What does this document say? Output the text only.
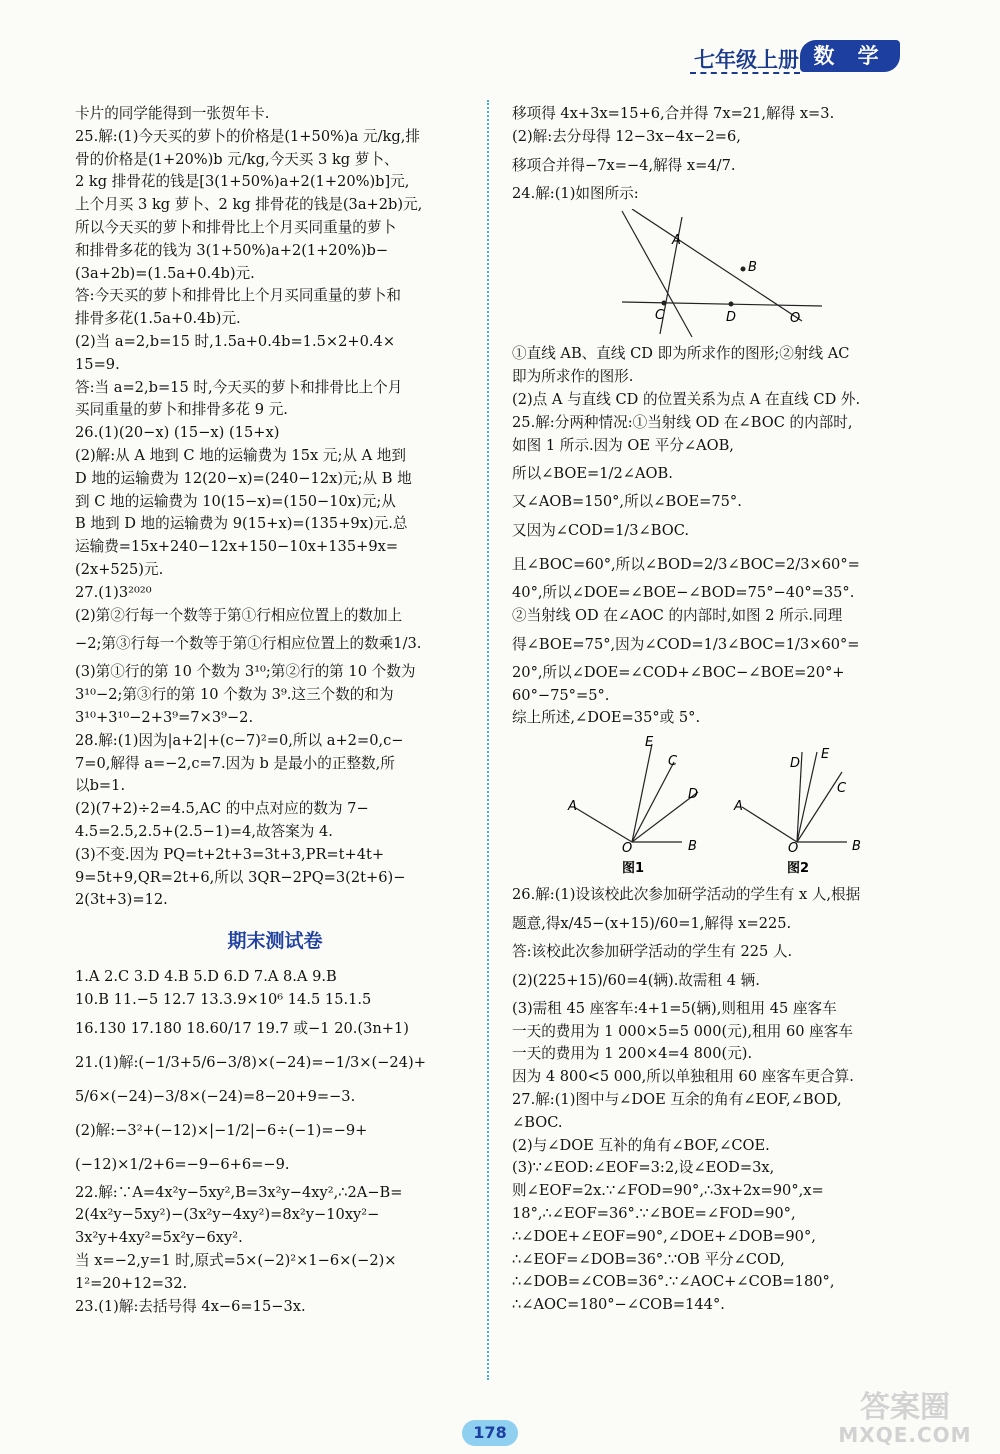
七年级上册 数 学

卡片的同学能得到一张贺年卡.

25.解:(1)今天买的萝卜的价格是(1+50%)a 元/kg,排

骨的价格是(1+20%)b 元/kg,今天买 3 kg 萝卜、

2 kg 排骨花的钱是[3(1+50%)a+2(1+20%)b]元,

上个月买 3 kg 萝卜、2 kg 排骨花的钱是(3a+2b)元,

所以今天买的萝卜和排骨比上个月买同重量的萝卜

和排骨多花的钱为 3(1+50%)a+2(1+20%)b−

(3a+2b)=(1.5a+0.4b)元.

答:今天买的萝卜和排骨比上个月买同重量的萝卜和

排骨多花(1.5a+0.4b)元.

(2)当 a=2,b=15 时,1.5a+0.4b=1.5×2+0.4×

15=9.

答:当 a=2,b=15 时,今天买的萝卜和排骨比上个月

买同重量的萝卜和排骨多花 9 元.

26.(1)(20−x) (15−x) (15+x)

(2)解:从 A 地到 C 地的运输费为 15x 元;从 A 地到

D 地的运输费为 12(20−x)=(240−12x)元;从 B 地

到 C 地的运输费为 10(15−x)=(150−10x)元;从

B 地到 D 地的运输费为 9(15+x)=(135+9x)元.总

运输费=15x+240−12x+150−10x+135+9x=

(2x+525)元.

27.(1)3²⁰²⁰

(2)第②行每一个数等于第①行相应位置上的数加上

−2;第③行每一个数等于第①行相应位置上的数乘1/3.

(3)第①行的第 10 个数为 3¹⁰;第②行的第 10 个数为

3¹⁰−2;第③行的第 10 个数为 3⁹.这三个数的和为

3¹⁰+3¹⁰−2+3⁹=7×3⁹−2.

28.解:(1)因为|a+2|+(c−7)²=0,所以 a+2=0,c−

7=0,解得 a=−2,c=7.因为 b 是最小的正整数,所

以b=1.

(2)(7+2)÷2=4.5,AC 的中点对应的数为 7−

4.5=2.5,2.5+(2.5−1)=4,故答案为 4.

(3)不变.因为 PQ=t+2t+3=3t+3,PR=t+4t+

9=5t+9,QR=2t+6,所以 3QR−2PQ=3(2t+6)−

2(3t+3)=12.

期末测试卷

1.A 2.C 3.D 4.B 5.D 6.D 7.A 8.A 9.B

10.B 11.−5 12.7 13.3.9×10⁶ 14.5 15.1.5

16.130 17.180 18.60/17 19.7 或−1 20.(3n+1)

21.(1)解:(−1/3+5/6−3/8)×(−24)=−1/3×(−24)+

5/6×(−24)−3/8×(−24)=8−20+9=−3.

(2)解:−3²+(−12)×|−1/2|−6÷(−1)=−9+

(−12)×1/2+6=−9−6+6=−9.

22.解:∵A=4x²y−5xy²,B=3x²y−4xy²,∴2A−B=

2(4x²y−5xy²)−(3x²y−4xy²)=8x²y−10xy²−

3x²y+4xy²=5x²y−6xy².

当 x=−2,y=1 时,原式=5×(−2)²×1−6×(−2)×

1²=20+12=32.

23.(1)解:去括号得 4x−6=15−3x.

移项得 4x+3x=15+6,合并得 7x=21,解得 x=3.

(2)解:去分母得 12−3x−4x−2=6,

移项合并得−7x=−4,解得 x=4/7.

24.解:(1)如图所示:

A
B
C	D	O

①直线 AB、直线 CD 即为所求作的图形;②射线 AC

即为所求作的图形.

(2)点 A 与直线 CD 的位置关系为点 A 在直线 CD 外.

25.解:分两种情况:①当射线 OD 在∠BOC 的内部时,

如图 1 所示.因为 OE 平分∠AOB,

所以∠BOE=1/2∠AOB.

又∠AOB=150°,所以∠BOE=75°.

又因为∠COD=1/3∠BOC.

且∠BOC=60°,所以∠BOD=2/3∠BOC=2/3×60°=

40°,所以∠DOE=∠BOE−∠BOD=75°−40°=35°.

②当射线 OD 在∠AOC 的内部时,如图 2 所示.同理

得∠BOE=75°,因为∠COD=1/3∠BOC=1/3×60°=

20°,所以∠DOE=∠COD+∠BOC−∠BOE=20°+

60°−75°=5°.

综上所述,∠DOE=35°或 5°.

A
B
C
D
E
O
图1
A
B
C
D
E
O
图2

26.解:(1)设该校此次参加研学活动的学生有 x 人,根据

题意,得x/45−(x+15)/60=1,解得 x=225.

答:该校此次参加研学活动的学生有 225 人.

(2)(225+15)/60=4(辆).故需租 4 辆.

(3)需租 45 座客车:4+1=5(辆),则租用 45 座客车

一天的费用为 1 000×5=5 000(元),租用 60 座客车

一天的费用为 1 200×4=4 800(元).

因为 4 800<5 000,所以单独租用 60 座客车更合算.

27.解:(1)图中与∠DOE 互余的角有∠EOF,∠BOD,

∠BOC.

(2)与∠DOE 互补的角有∠BOF,∠COE.

(3)∵∠EOD:∠EOF=3:2,设∠EOD=3x,

则∠EOF=2x.∵∠FOD=90°,∴3x+2x=90°,x=

18°,∴∠EOF=36°.∵∠BOE=∠FOD=90°,

∴∠DOE+∠EOF=90°,∠DOE+∠DOB=90°,

∴∠EOF=∠DOB=36°.∵OB 平分∠COD,

∴∠DOB=∠COB=36°.∵∠AOC+∠COB=180°,

∴∠AOC=180°−∠COB=144°.

178
答案圈
MXQE.COM
